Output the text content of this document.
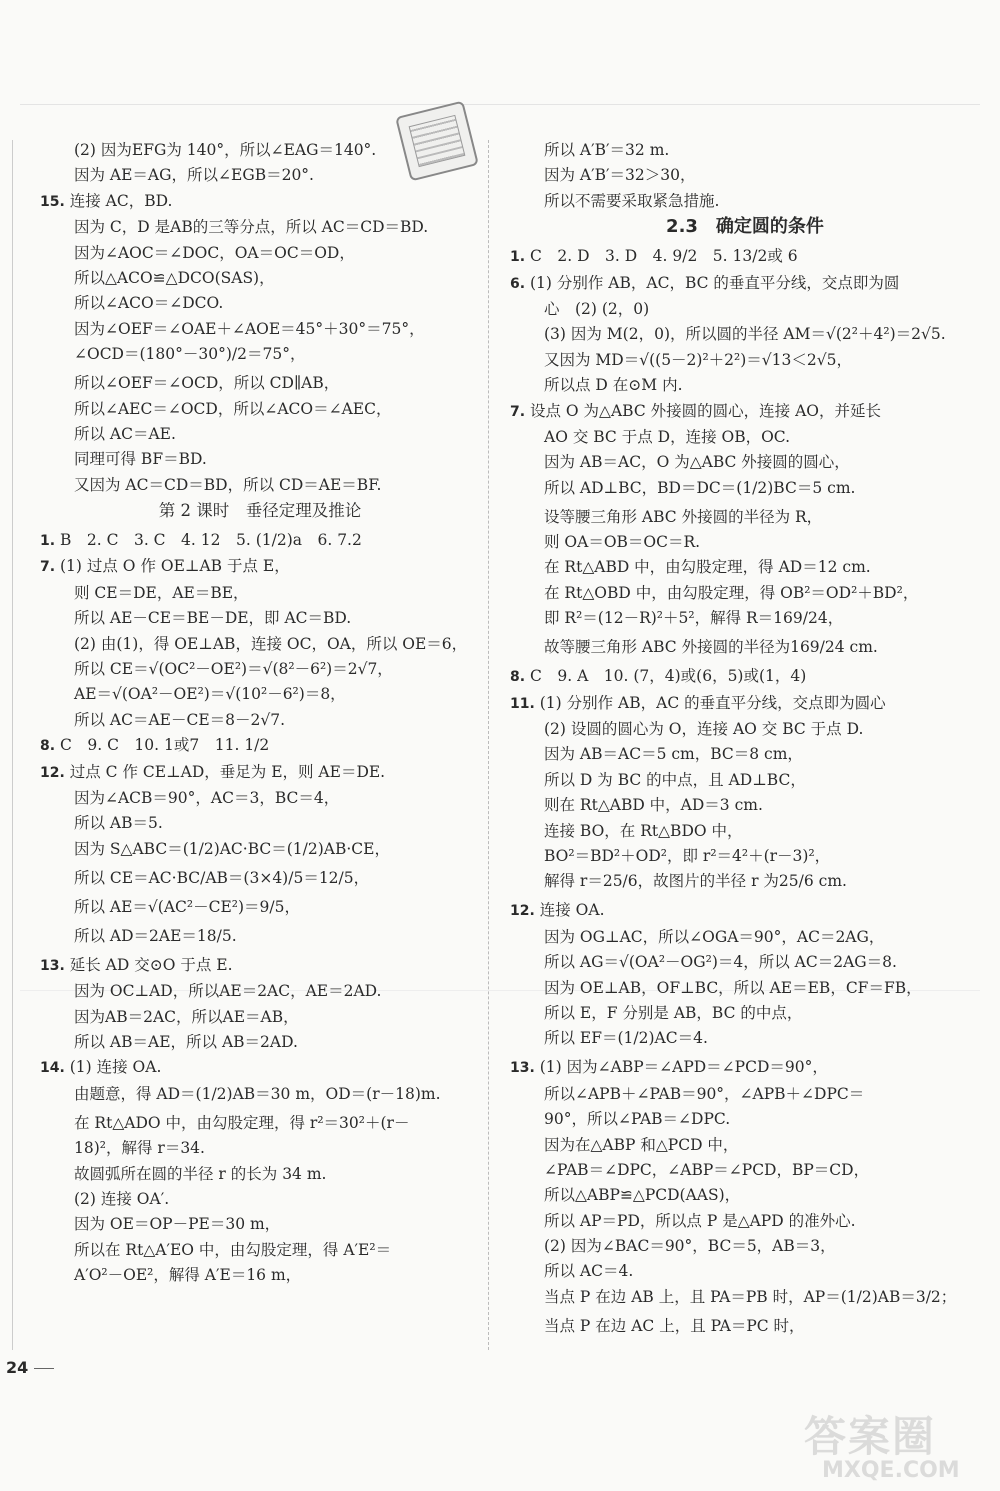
(2) 因为EFG为 140°，所以∠EAG＝140°.
因为 AE＝AG，所以∠EGB＝20°.
15. 连接 AC，BD.
因为 C，D 是AB的三等分点，所以 AC＝CD＝BD.
因为∠AOC＝∠DOC，OA＝OC＝OD，
所以△ACO≌△DCO(SAS)，
所以∠ACO＝∠DCO.
因为∠OEF＝∠OAE＋∠AOE＝45°＋30°＝75°，
∠OCD＝(180°－30°)/2＝75°，
所以∠OEF＝∠OCD，所以 CD∥AB，
所以∠AEC＝∠OCD，所以∠ACO＝∠AEC，
所以 AC＝AE.
同理可得 BF＝BD.
又因为 AC＝CD＝BD，所以 CD＝AE＝BF.
第 2 课时　垂径定理及推论
1. B　2. C　3. C　4. 12　5. (1/2)a　6. 7.2
7. (1) 过点 O 作 OE⊥AB 于点 E，
则 CE＝DE，AE＝BE，
所以 AE－CE＝BE－DE，即 AC＝BD.
(2) 由(1)，得 OE⊥AB，连接 OC，OA，所以 OE＝6，
所以 CE＝√(OC²－OE²)＝√(8²－6²)＝2√7，
AE＝√(OA²－OE²)＝√(10²－6²)＝8，
所以 AC＝AE－CE＝8－2√7.
8. C　9. C　10. 1或7　11. 1/2
12. 过点 C 作 CE⊥AD，垂足为 E，则 AE＝DE.
因为∠ACB＝90°，AC＝3，BC＝4，
所以 AB＝5.
因为 S△ABC＝(1/2)AC·BC＝(1/2)AB·CE，
所以 CE＝AC·BC/AB＝(3×4)/5＝12/5，
所以 AE＝√(AC²－CE²)＝9/5，
所以 AD＝2AE＝18/5.
13. 延长 AD 交⊙O 于点 E.
因为 OC⊥AD，所以AE＝2AC，AE＝2AD.
因为AB＝2AC，所以AE＝AB，
所以 AB＝AE，所以 AB＝2AD.
14. (1) 连接 OA.
由题意，得 AD＝(1/2)AB＝30 m，OD＝(r－18)m.
在 Rt△ADO 中，由勾股定理，得 r²＝30²＋(r－
18)²，解得 r＝34.
故圆弧所在圆的半径 r 的长为 34 m.
(2) 连接 OA′.
因为 OE＝OP－PE＝30 m，
所以在 Rt△A′EO 中，由勾股定理，得 A′E²＝
A′O²－OE²，解得 A′E＝16 m，
所以 A′B′＝32 m.
因为 A′B′＝32＞30，
所以不需要采取紧急措施.
2.3　确定圆的条件
1. C　2. D　3. D　4. 9/2　5. 13/2或 6
6. (1) 分别作 AB，AC，BC 的垂直平分线，交点即为圆
心　(2) (2，0)
(3) 因为 M(2，0)，所以圆的半径 AM＝√(2²＋4²)＝2√5.
又因为 MD＝√((5－2)²＋2²)＝√13＜2√5，
所以点 D 在⊙M 内.
7. 设点 O 为△ABC 外接圆的圆心，连接 AO，并延长
AO 交 BC 于点 D，连接 OB，OC.
因为 AB＝AC，O 为△ABC 外接圆的圆心，
所以 AD⊥BC，BD＝DC＝(1/2)BC＝5 cm.
设等腰三角形 ABC 外接圆的半径为 R，
则 OA＝OB＝OC＝R.
在 Rt△ABD 中，由勾股定理，得 AD＝12 cm.
在 Rt△OBD 中，由勾股定理，得 OB²＝OD²＋BD²，
即 R²＝(12－R)²＋5²，解得 R＝169/24，
故等腰三角形 ABC 外接圆的半径为169/24 cm.
8. C　9. A　10. (7，4)或(6，5)或(1，4)
11. (1) 分别作 AB，AC 的垂直平分线，交点即为圆心
(2) 设圆的圆心为 O，连接 AO 交 BC 于点 D.
因为 AB＝AC＝5 cm，BC＝8 cm，
所以 D 为 BC 的中点，且 AD⊥BC，
则在 Rt△ABD 中，AD＝3 cm.
连接 BO，在 Rt△BDO 中，
BO²＝BD²＋OD²，即 r²＝4²＋(r－3)²，
解得 r＝25/6，故图片的半径 r 为25/6 cm.
12. 连接 OA.
因为 OG⊥AC，所以∠OGA＝90°，AC＝2AG，
所以 AG＝√(OA²－OG²)＝4，所以 AC＝2AG＝8.
因为 OE⊥AB，OF⊥BC，所以 AE＝EB，CF＝FB，
所以 E，F 分别是 AB，BC 的中点，
所以 EF＝(1/2)AC＝4.
13. (1) 因为∠ABP＝∠APD＝∠PCD＝90°，
所以∠APB＋∠PAB＝90°，∠APB＋∠DPC＝
90°，所以∠PAB＝∠DPC.
因为在△ABP 和△PCD 中，
∠PAB＝∠DPC，∠ABP＝∠PCD，BP＝CD，
所以△ABP≌△PCD(AAS)，
所以 AP＝PD，所以点 P 是△APD 的准外心.
(2) 因为∠BAC＝90°，BC＝5，AB＝3，
所以 AC＝4.
当点 P 在边 AB 上，且 PA＝PB 时，AP＝(1/2)AB＝3/2；
当点 P 在边 AC 上，且 PA＝PC 时，
24
答案圈
MXQE.COM
